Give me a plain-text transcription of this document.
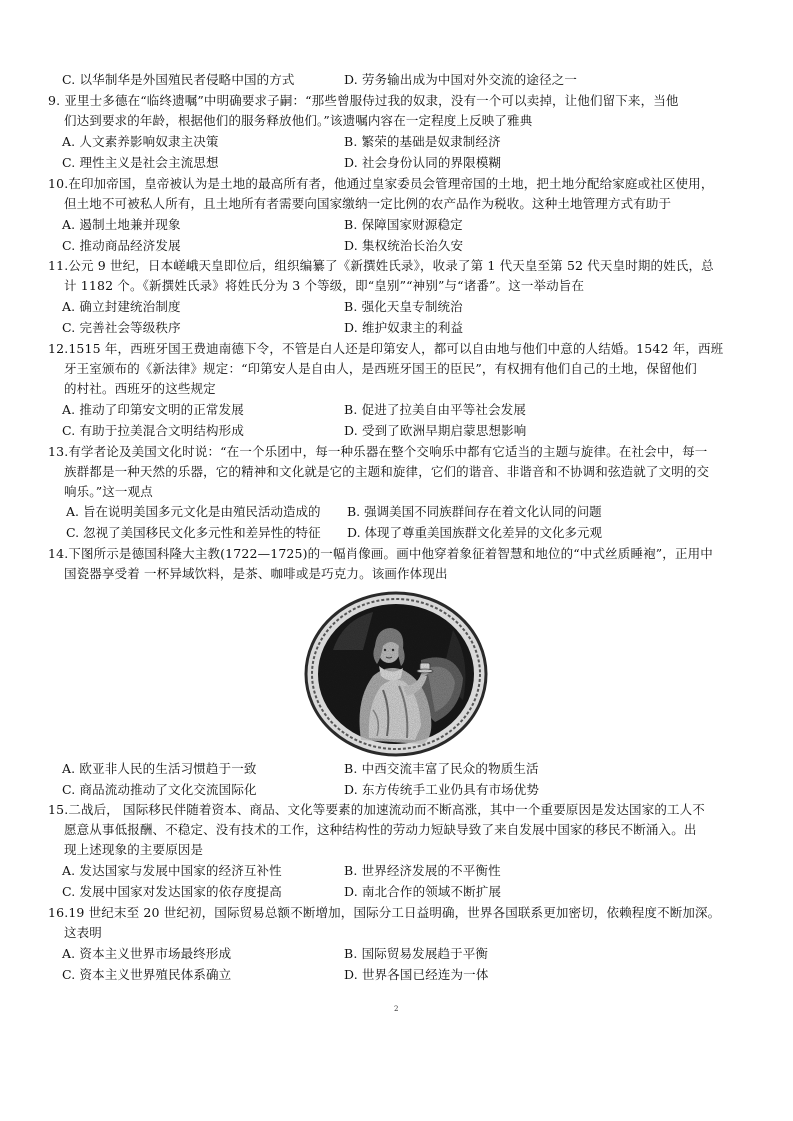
C. 以华制华是外国殖民者侵略中国的方式	D. 劳务输出成为中国对外交流的途径之一
9. 亚里士多德在“临终遗嘱”中明确要求子嗣：“那些曾服侍过我的奴隶，没有一个可以卖掉，让他们留下来，当他
们达到要求的年龄，根据他们的服务释放他们。”该遗嘱内容在一定程度上反映了雅典
A. 人文素养影响奴隶主决策	B. 繁荣的基础是奴隶制经济
C. 理性主义是社会主流思想	D. 社会身份认同的界限模糊
10.在印加帝国，皇帝被认为是土地的最高所有者，他通过皇家委员会管理帝国的土地，把土地分配给家庭或社区使用，
但土地不可被私人所有，且土地所有者需要向国家缴纳一定比例的农产品作为税收。这种土地管理方式有助于
A. 遏制土地兼并现象	B. 保障国家财源稳定
C. 推动商品经济发展	D. 集权统治长治久安
11.公元 9 世纪，日本嵯峨天皇即位后，组织编纂了《新撰姓氏录》，收录了第 1 代天皇至第 52 代天皇时期的姓氏，总
计 1182 个。《新撰姓氏录》将姓氏分为 3 个等级，即“皇别”“神别”与“诸番”。这一举动旨在
A. 确立封建统治制度	B. 强化天皇专制统治
C. 完善社会等级秩序	D. 维护奴隶主的利益
12.1515 年，西班牙国王费迪南德下令，不管是白人还是印第安人，都可以自由地与他们中意的人结婚。1542 年，西班
牙王室颁布的《新法律》规定：“印第安人是自由人，是西班牙国王的臣民”，有权拥有他们自己的土地，保留他们
的村社。西班牙的这些规定
A. 推动了印第安文明的正常发展	B. 促进了拉美自由平等社会发展
C. 有助于拉美混合文明结构形成	D. 受到了欧洲早期启蒙思想影响
13.有学者论及美国文化时说：“在一个乐团中，每一种乐器在整个交响乐中都有它适当的主题与旋律。在社会中，每一
族群都是一种天然的乐器，它的精神和文化就是它的主题和旋律，它们的谐音、非谐音和不协调和弦造就了文明的交
响乐。”这一观点
A. 旨在说明美国多元文化是由殖民活动造成的 B. 强调美国不同族群间存在着文化认同的问题
C. 忽视了美国移民文化多元性和差异性的特征 D. 体现了尊重美国族群文化差异的文化多元观
14.下图所示是德国科隆大主教(1722—1725)的一幅肖像画。画中他穿着象征着智慧和地位的“中式丝质睡袍”，正用中
国瓷器享受着 一杯异域饮料，是茶、咖啡或是巧克力。该画作体现出
A. 欧亚非人民的生活习惯趋于一致	B. 中西交流丰富了民众的物质生活
C. 商品流动推动了文化交流国际化	D. 东方传统手工业仍具有市场优势
15.二战后， 国际移民伴随着资本、商品、文化等要素的加速流动而不断高涨，其中一个重要原因是发达国家的工人不
愿意从事低报酬、不稳定、没有技术的工作，这种结构性的劳动力短缺导致了来自发展中国家的移民不断涌入。出
现上述现象的主要原因是
A. 发达国家与发展中国家的经济互补性	B. 世界经济发展的不平衡性
C. 发展中国家对发达国家的依存度提高	D. 南北合作的领域不断扩展
16.19 世纪末至 20 世纪初，国际贸易总额不断增加，国际分工日益明确，世界各国联系更加密切，依赖程度不断加深。
这表明
A. 资本主义世界市场最终形成	B. 国际贸易发展趋于平衡
C. 资本主义世界殖民体系确立	D. 世界各国已经连为一体
2
